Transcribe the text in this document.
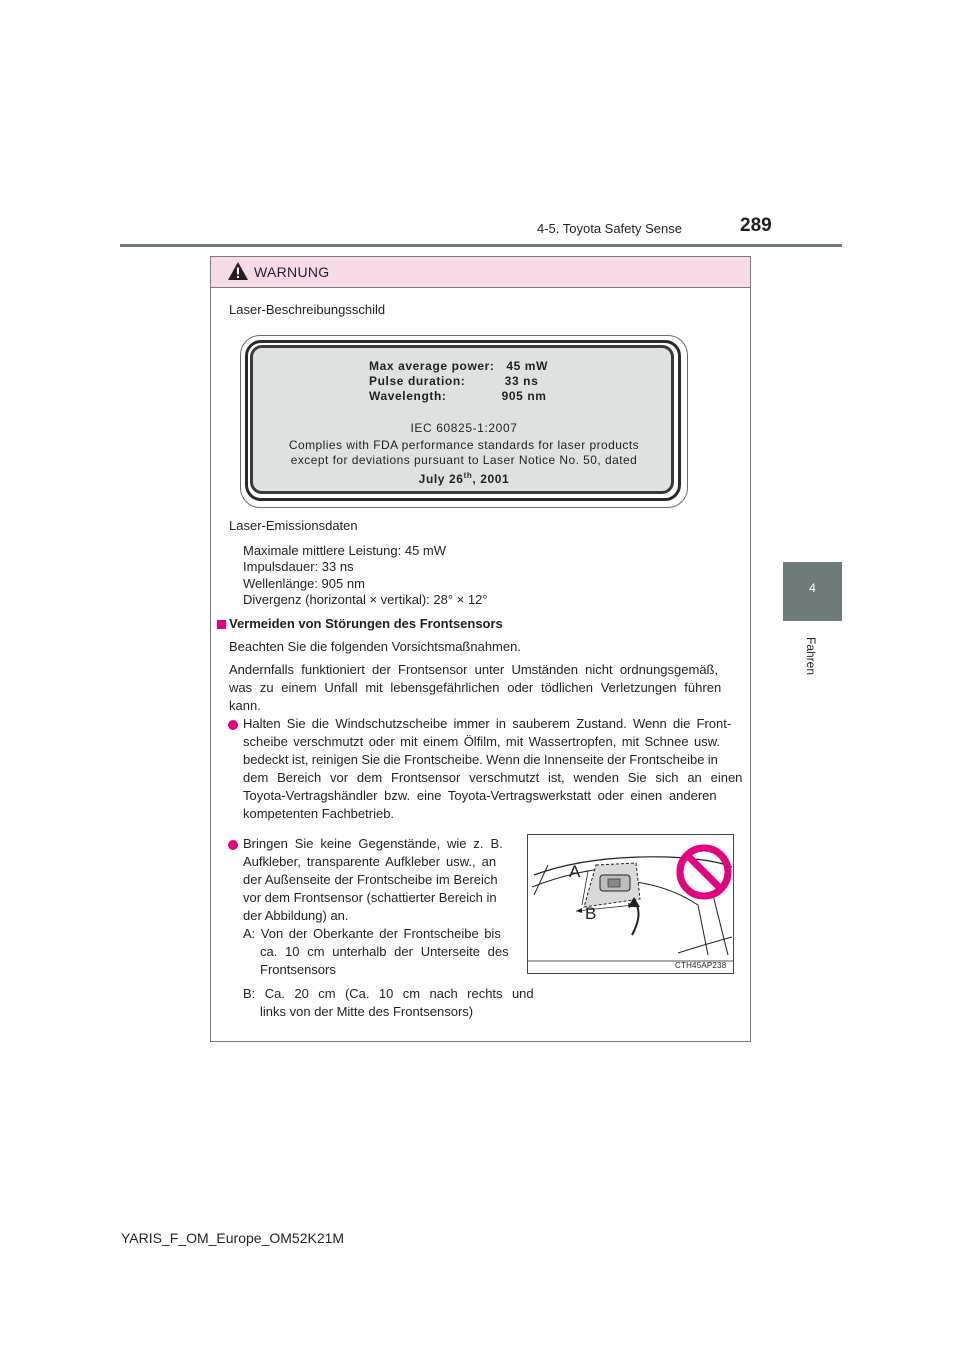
4-5. Toyota Safety Sense	289
4
Fahren
WARNUNG
Laser-Beschreibungsschild
Max average power:   45 mW
Pulse duration:          33 ns
Wavelength:              905 nm
IEC 60825-1:2007
Complies with FDA performance standards for laser products
except for deviations pursuant to Laser Notice No. 50, dated
July 26th, 2001
Laser-Emissionsdaten
Maximale mittlere Leistung: 45 mW
Impulsdauer: 33 ns
Wellenlänge: 905 nm
Divergenz (horizontal × vertikal): 28° × 12°
Vermeiden von Störungen des Frontsensors
Beachten Sie die folgenden Vorsichtsmaßnahmen.
Andernfalls funktioniert der Frontsensor unter Umständen nicht ordnungsgemäß,
was zu einem Unfall mit lebensgefährlichen oder tödlichen Verletzungen führen
kann.
Halten Sie die Windschutzscheibe immer in sauberem Zustand. Wenn die Front-
scheibe verschmutzt oder mit einem Ölfilm, mit Wassertropfen, mit Schnee usw.
bedeckt ist, reinigen Sie die Frontscheibe. Wenn die Innenseite der Frontscheibe in
dem Bereich vor dem Frontsensor verschmutzt ist, wenden Sie sich an einen
Toyota-Vertragshändler bzw. eine Toyota-Vertragswerkstatt oder einen anderen
kompetenten Fachbetrieb.
Bringen Sie keine Gegenstände, wie z. B.
Aufkleber, transparente Aufkleber usw., an
der Außenseite der Frontscheibe im Bereich
vor dem Frontsensor (schattierter Bereich in
der Abbildung) an.
A: Von der Oberkante der Frontscheibe bis
ca. 10 cm unterhalb der Unterseite des
Frontsensors
B: Ca. 20 cm (Ca. 10 cm nach rechts und
links von der Mitte des Frontsensors)
A
B
CTH45AP238
YARIS_F_OM_Europe_OM52K21M
